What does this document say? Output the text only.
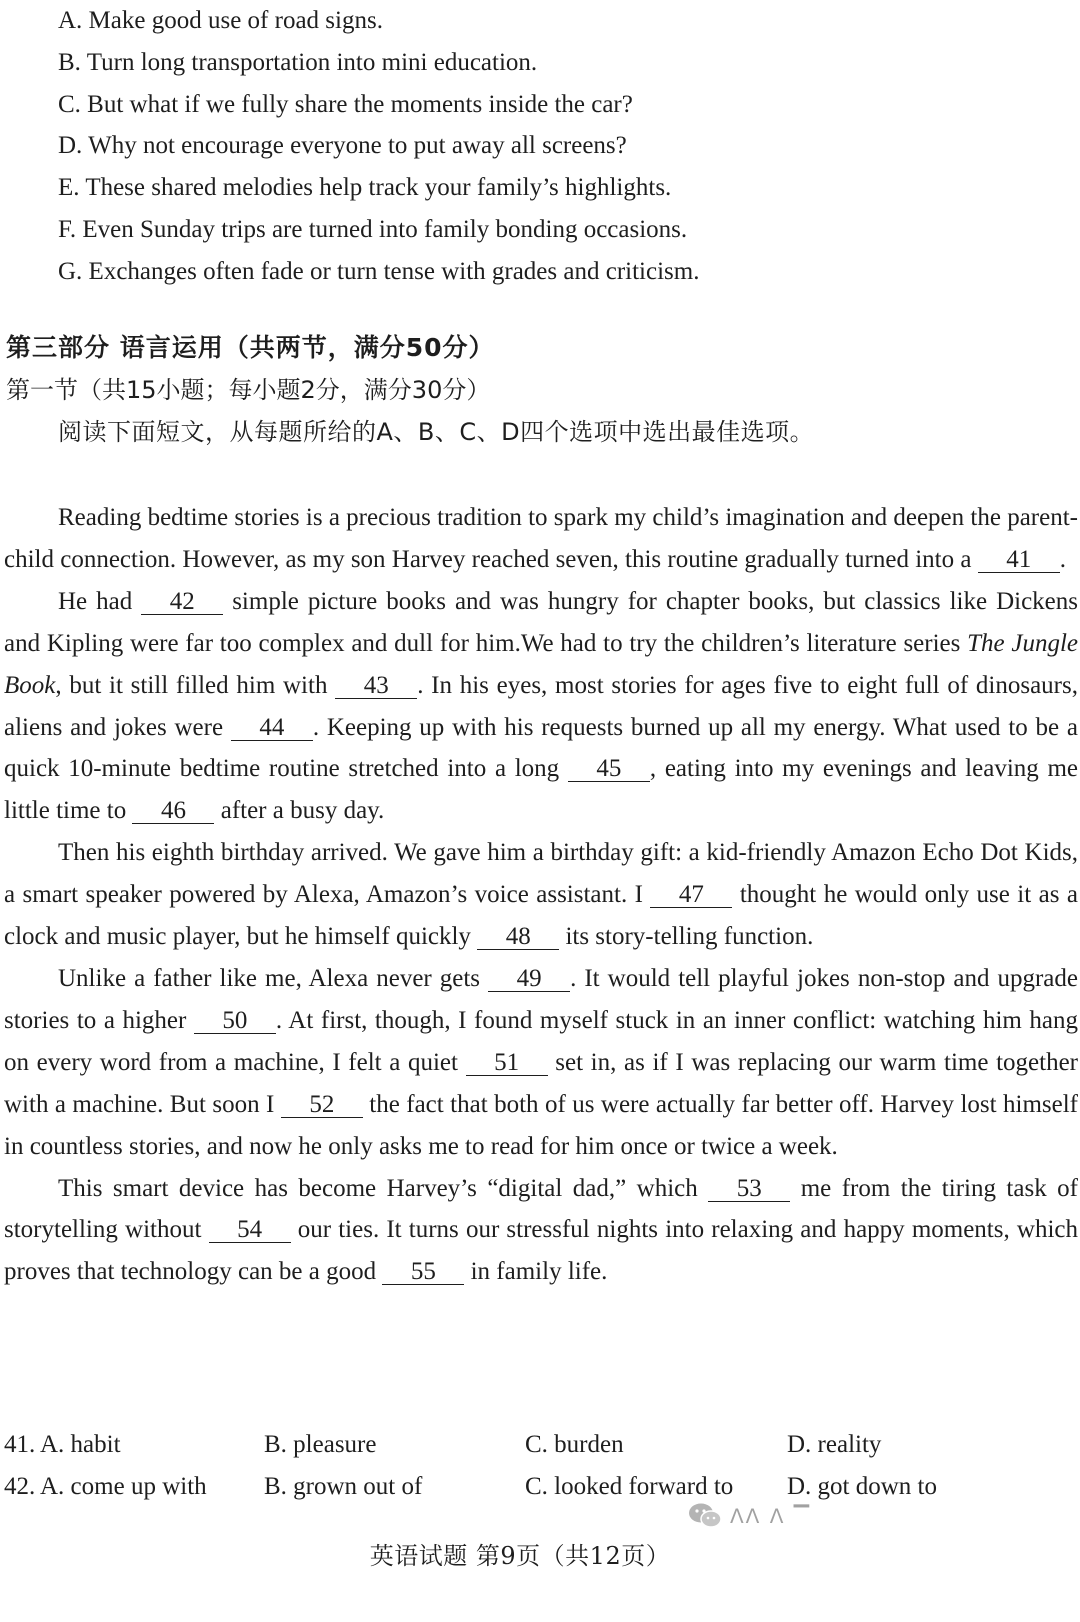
A. Make good use of road signs.
B. Turn long transportation into mini education.
C. But what if we fully share the moments inside the car?
D. Why not encourage everyone to put away all screens?
E. These shared melodies help track your family’s highlights.
F. Even Sunday trips are turned into family bonding occasions.
G. Exchanges often fade or turn tense with grades and criticism.
第三部分 语言运用（共两节，满分50分）
第一节（共15小题；每小题2分，满分30分）
阅读下面短文，从每题所给的A、B、C、D四个选项中选出最佳选项。

Reading bedtime stories is a precious tradition to spark my child’s imagination and deepen the parent-child connection. However, as my son Harvey reached seven, this routine gradually turned into a 41 .

He had 42 simple picture books and was hungry for chapter books, but classics like Dickens and Kipling were far too complex and dull for him.We had to try the children’s literature series The Jungle Book, but it still filled him with 43 . In his eyes, most stories for ages five to eight full of dinosaurs, aliens and jokes were 44 . Keeping up with his requests burned up all my energy. What used to be a quick 10-minute bedtime routine stretched into a long 45 , eating into my evenings and leaving me little time to 46 after a busy day.

Then his eighth birthday arrived. We gave him a birthday gift: a kid-friendly Amazon Echo Dot Kids, a smart speaker powered by Alexa, Amazon’s voice assistant. I 47 thought he would only use it as a clock and music player, but he himself quickly 48 its story-telling function.

Unlike a father like me, Alexa never gets 49 . It would tell playful jokes non-stop and upgrade stories to a higher 50 . At first, though, I found myself stuck in an inner conflict: watching him hang on every word from a machine, I felt a quiet 51 set in, as if I was replacing our warm time together with a machine. But soon I 52 the fact that both of us were actually far better off. Harvey lost himself in countless stories, and now he only asks me to read for him once or twice a week.

This smart device has become Harvey’s “digital dad,” which 53 me from the tiring task of storytelling without 54 our ties. It turns our stressful nights into relaxing and happy moments, which proves that technology can be a good 55 in family life.

41. A. habit	B. pleasure	C. burden	D. reality
42. A. come up with B. grown out of	C. looked forward to D. got down to
ᐱᐱ ᐱ ▔
英语试题 第9页（共12页）
